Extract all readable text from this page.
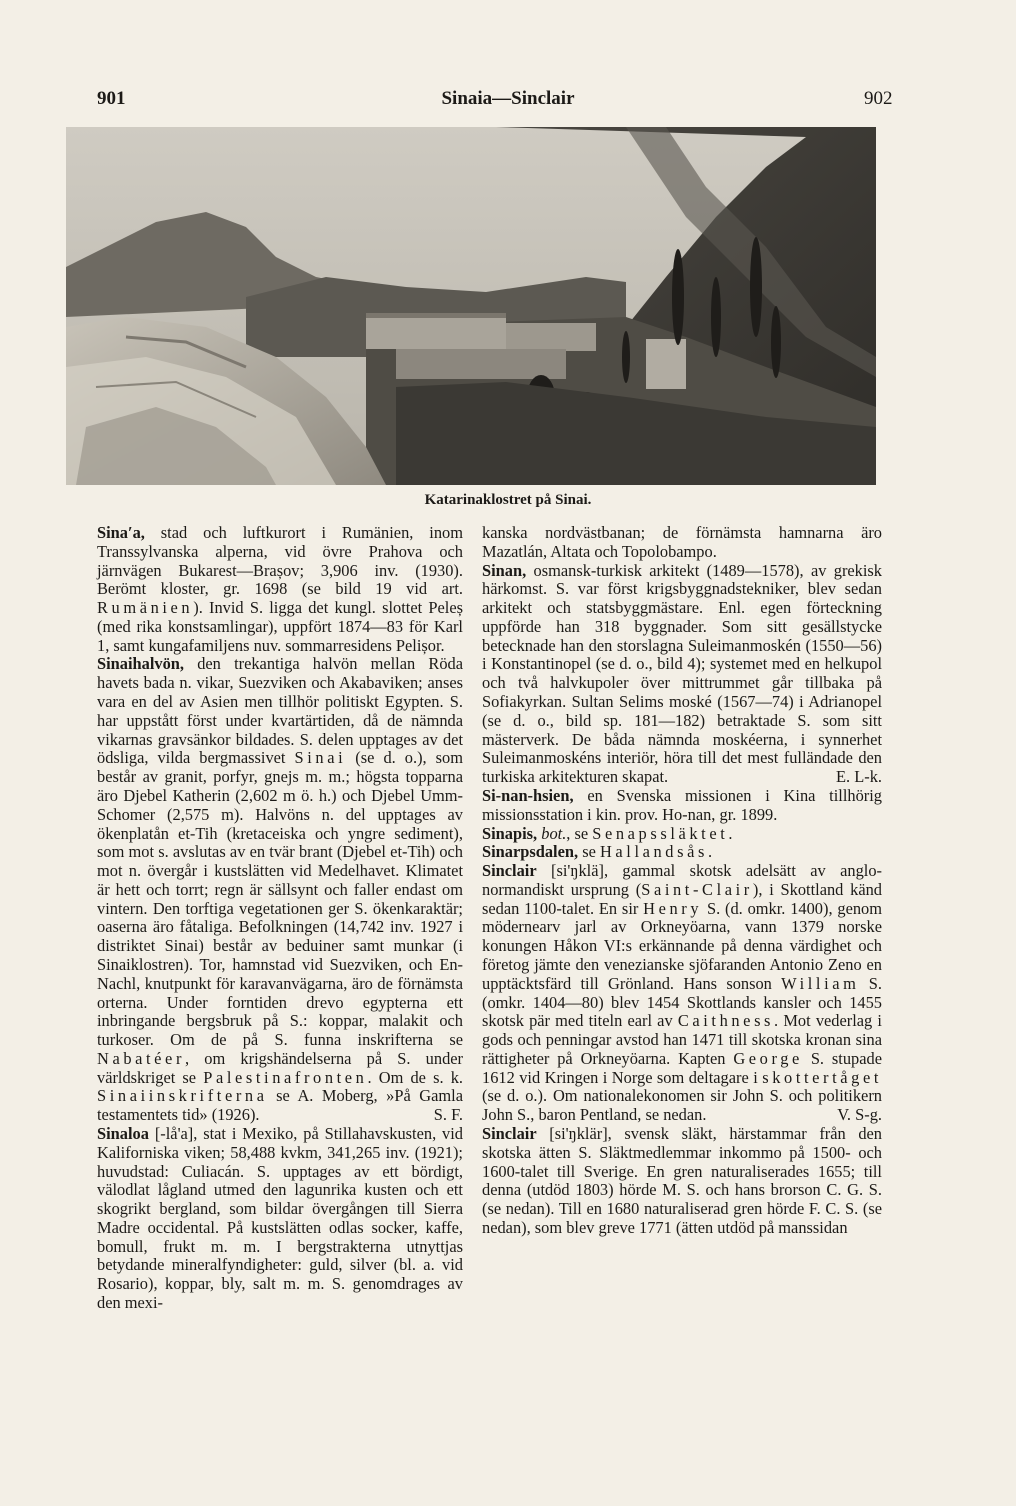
901	Sinaia—Sinclair	902
Katarinaklostret på Sinai.

Sinaʹa, stad och luftkurort i Rumänien, inom Transsylvanska alperna, vid övre Prahova och järnvägen Bukarest—Brașov; 3,906 inv. (1930). Berömt kloster, gr. 1698 (se bild 19 vid art. Rumänien). Invid S. ligga det kungl. slottet Peleș (med rika konstsamlingar), uppfört 1874—83 för Karl 1, samt kungafamiljens nuv. sommarresidens Pelișor.

Sinaihalvön, den trekantiga halvön mellan Röda havets bada n. vikar, Suezviken och Akabaviken; anses vara en del av Asien men tillhör politiskt Egypten. S. har uppstått först under kvartärtiden, då de nämnda vikarnas gravsänkor bildades. S. delen upptages av det ödsliga, vilda bergmassivet Sinai (se d. o.), som består av granit, porfyr, gnejs m. m.; högsta topparna äro Djebel Katherin (2,602 m ö. h.) och Djebel Umm-Schomer (2,575 m). Halvöns n. del upptages av ökenplatån et-Tih (kretaceiska och yngre sediment), som mot s. avslutas av en tvär brant (Djebel et-Tih) och mot n. övergår i kustslätten vid Medelhavet. Klimatet är hett och torrt; regn är sällsynt och faller endast om vintern. Den torftiga vegetationen ger S. ökenkaraktär; oaserna äro fåtaliga. Befolkningen (14,742 inv. 1927 i distriktet Sinai) består av beduiner samt munkar (i Sinaiklostren). Tor, hamnstad vid Suezviken, och En-Nachl, knutpunkt för karavanvägarna, äro de förnämsta orterna. Under forntiden drevo egypterna ett inbringande bergsbruk på S.: koppar, malakit och turkoser. Om de på S. funna inskrifterna se Nabatéer, om krigshändelserna på S. under världskriget se Palestinafronten. Om de s. k. Sinaiinskrifterna se A. Moberg, »På Gamla testamentets tid» (1926).	S. F.

Sinaloa [-lå'a], stat i Mexiko, på Stillahavskusten, vid Kaliforniska viken; 58,488 kvkm, 341,265 inv. (1921); huvudstad: Culiacán. S. upptages av ett bördigt, välodlat lågland utmed den lagunrika kusten och ett skogrikt bergland, som bildar övergången till Sierra Madre occidental. På kustslätten odlas socker, kaffe, bomull, frukt m. m. I bergstrakterna utnyttjas betydande mineralfyndigheter: guld, silver (bl. a. vid Rosario), koppar, bly, salt m. m. S. genomdrages av den mexi-

kanska nordvästbanan; de förnämsta hamnarna äro Mazatlán, Altata och Topolobampo.

Sinan, osmansk-turkisk arkitekt (1489—1578), av grekisk härkomst. S. var först krigsbyggnadstekniker, blev sedan arkitekt och statsbyggmästare. Enl. egen förteckning uppförde han 318 byggnader. Som sitt gesällstycke betecknade han den storslagna Suleimanmoskén (1550—56) i Konstantinopel (se d. o., bild 4); systemet med en helkupol och två halvkupoler över mittrummet går tillbaka på Sofiakyrkan. Sultan Selims moské (1567—74) i Adrianopel (se d. o., bild sp. 181—182) betraktade S. som sitt mästerverk. De båda nämnda moskéerna, i synnerhet Suleimanmoskéns interiör, höra till det mest fulländade den turkiska arkitekturen skapat.	E. L-k.

Si-nan-hsien, en Svenska missionen i Kina tillhörig missionsstation i kin. prov. Ho-nan, gr. 1899.

Sinapis, bot., se Senapssläktet.

Sinarpsdalen, se Hallandsås.

Sinclair [si'ŋklä], gammal skotsk adelsätt av anglo-normandiskt ursprung (Saint-Clair), i Skottland känd sedan 1100-talet. En sir Henry S. (d. omkr. 1400), genom mödernearv jarl av Orkneyöarna, vann 1379 norske konungen Håkon VI:s erkännande på denna värdighet och företog jämte den venezianske sjöfaranden Antonio Zeno en upptäcktsfärd till Grönland. Hans sonson William S. (omkr. 1404—80) blev 1454 Skottlands kansler och 1455 skotsk pär med titeln earl av Caithness. Mot vederlag i gods och penningar avstod han 1471 till skotska kronan sina rättigheter på Orkneyöarna. Kapten George S. stupade 1612 vid Kringen i Norge som deltagare i skottertåget (se d. o.). Om nationalekonomen sir John S. och politikern John S., baron Pentland, se nedan.	V. S-g.

Sinclair [si'ŋklär], svensk släkt, härstammar från den skotska ätten S. Släktmedlemmar inkommo på 1500- och 1600-talet till Sverige. En gren naturaliserades 1655; till denna (utdöd 1803) hörde M. S. och hans brorson C. G. S. (se nedan). Till en 1680 naturaliserad gren hörde F. C. S. (se nedan), som blev greve 1771 (ätten utdöd på manssidan
